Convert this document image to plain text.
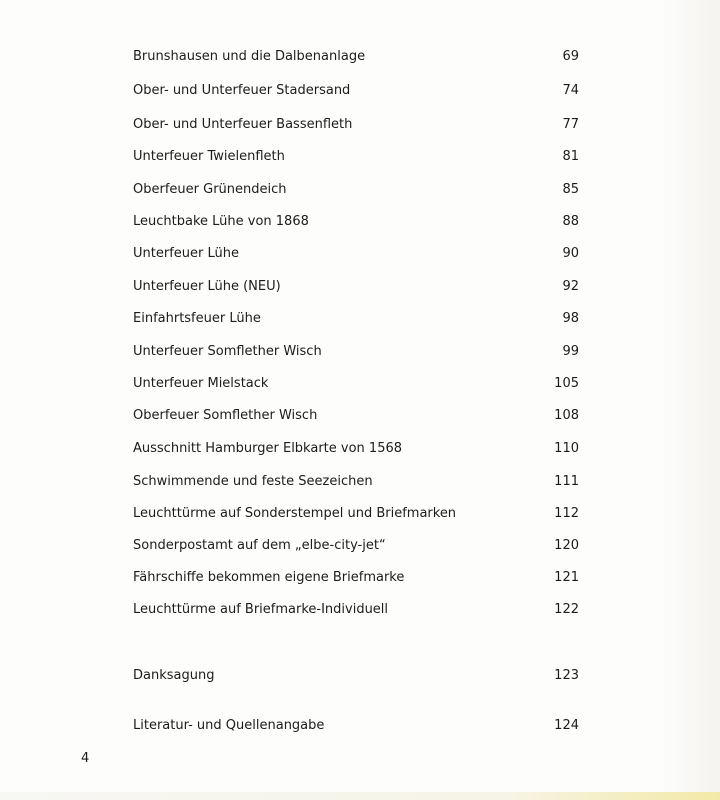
Brunshausen und die Dalbenanlage	69
Ober- und Unterfeuer Stadersand	74
Ober- und Unterfeuer Bassenfleth	77
Unterfeuer Twielenfleth	81
Oberfeuer Grünendeich	85
Leuchtbake Lühe von 1868	88
Unterfeuer Lühe	90
Unterfeuer Lühe (NEU)	92
Einfahrtsfeuer Lühe	98
Unterfeuer Somflether Wisch	99
Unterfeuer Mielstack	105
Oberfeuer Somflether Wisch	108
Ausschnitt Hamburger Elbkarte von 1568	110
Schwimmende und feste Seezeichen	111
Leuchttürme auf Sonderstempel und Briefmarken	112
Sonderpostamt auf dem „elbe-city-jet“	120
Fährschiffe bekommen eigene Briefmarke	121
Leuchttürme auf Briefmarke-Individuell	122
Danksagung	123
Literatur- und Quellenangabe	124
4
